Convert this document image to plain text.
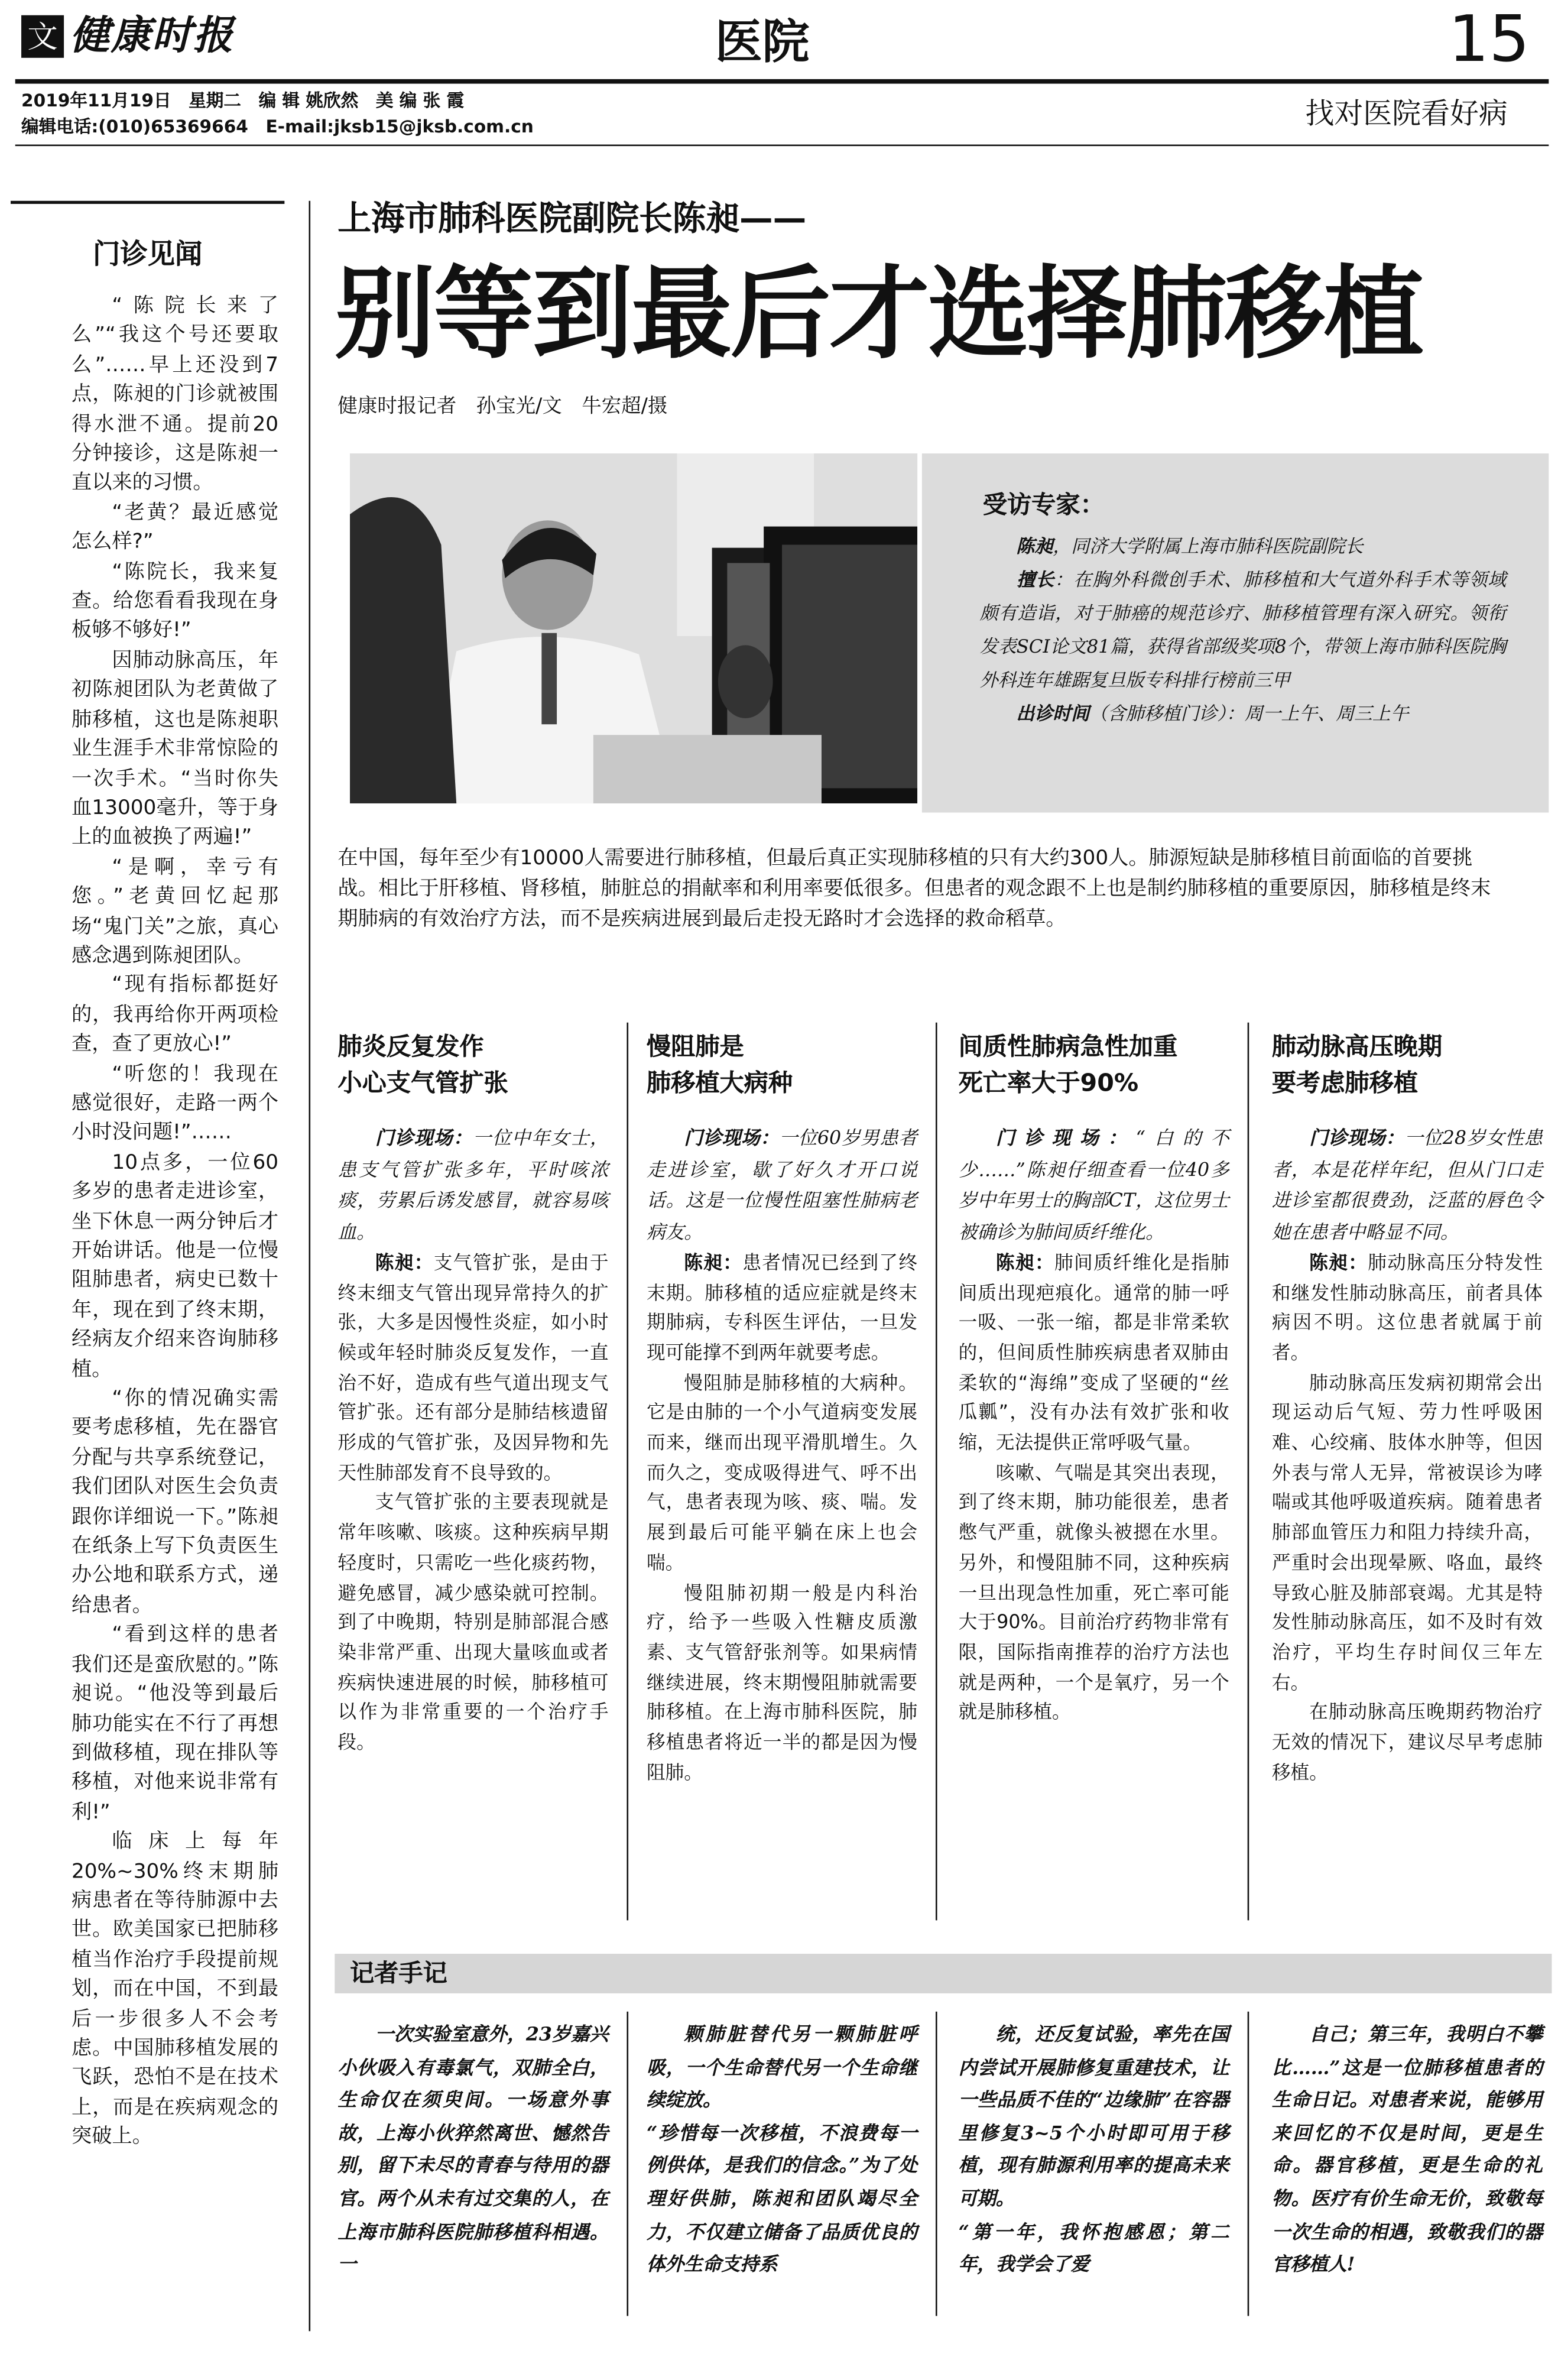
文 健康时报	医院	15
2019年11月19日　星期二　编 辑 姚欣然　美 编 张 霞
编辑电话:(010)65369664　E-mail:jksb15@jksb.com.cn	找对医院看好病
门诊见闻

“陈院长来了么”“我这个号还要取么”……早上还没到7点，陈昶的门诊就被围得水泄不通。提前20分钟接诊，这是陈昶一直以来的习惯。

“老黄？最近感觉怎么样?”

“陈院长，我来复查。给您看看我现在身板够不够好!”

因肺动脉高压，年初陈昶团队为老黄做了肺移植，这也是陈昶职业生涯手术非常惊险的一次手术。“当时你失血13000毫升，等于身上的血被换了两遍!”

“是啊，幸亏有您。”老黄回忆起那场“鬼门关”之旅，真心感念遇到陈昶团队。

“现有指标都挺好的，我再给你开两项检查，查了更放心!”

“听您的！我现在感觉很好，走路一两个小时没问题!”……

10点多，一位60多岁的患者走进诊室，坐下休息一两分钟后才开始讲话。他是一位慢阻肺患者，病史已数十年，现在到了终末期，经病友介绍来咨询肺移植。

“你的情况确实需要考虑移植，先在器官分配与共享系统登记，我们团队对医生会负责跟你详细说一下。”陈昶在纸条上写下负责医生办公地和联系方式，递给患者。

“看到这样的患者我们还是蛮欣慰的。”陈昶说。“他没等到最后肺功能实在不行了再想到做移植，现在排队等移植，对他来说非常有利!”

临床上每年20%~30%终末期肺病患者在等待肺源中去世。欧美国家已把肺移植当作治疗手段提前规划，而在中国，不到最后一步很多人不会考虑。中国肺移植发展的飞跃，恐怕不是在技术上，而是在疾病观念的突破上。

上海市肺科医院副院长陈昶——
别等到最后才选择肺移植
健康时报记者　孙宝光/文　牛宏超/摄
受访专家：
陈昶，同济大学附属上海市肺科医院副院长
擅长：在胸外科微创手术、肺移植和大气道外科手术等领域颇有造诣，对于肺癌的规范诊疗、肺移植管理有深入研究。领衔发表SCI论文81篇，获得省部级奖项8个，带领上海市肺科医院胸外科连年雄踞复旦版专科排行榜前三甲
出诊时间（含肺移植门诊）：周一上午、周三上午
在中国，每年至少有10000人需要进行肺移植，但最后真正实现肺移植的只有大约300人。肺源短缺是肺移植目前面临的首要挑战。相比于肝移植、肾移植，肺脏总的捐献率和利用率要低很多。但患者的观念跟不上也是制约肺移植的重要原因，肺移植是终末期肺病的有效治疗方法，而不是疾病进展到最后走投无路时才会选择的救命稻草。
肺炎反复发作
小心支气管扩张

门诊现场：一位中年女士，患支气管扩张多年，平时咳浓痰，劳累后诱发感冒，就容易咳血。

陈昶：支气管扩张，是由于终末细支气管出现异常持久的扩张，大多是因慢性炎症，如小时候或年轻时肺炎反复发作，一直治不好，造成有些气道出现支气管扩张。还有部分是肺结核遗留形成的气管扩张，及因异物和先天性肺部发育不良导致的。

支气管扩张的主要表现就是常年咳嗽、咳痰。这种疾病早期轻度时，只需吃一些化痰药物，避免感冒，减少感染就可控制。到了中晚期，特别是肺部混合感染非常严重、出现大量咳血或者疾病快速进展的时候，肺移植可以作为非常重要的一个治疗手段。

慢阻肺是
肺移植大病种

门诊现场：一位60岁男患者走进诊室，歇了好久才开口说话。这是一位慢性阻塞性肺病老病友。

陈昶：患者情况已经到了终末期。肺移植的适应症就是终末期肺病，专科医生评估，一旦发现可能撑不到两年就要考虑。

慢阻肺是肺移植的大病种。它是由肺的一个小气道病变发展而来，继而出现平滑肌增生。久而久之，变成吸得进气、呼不出气，患者表现为咳、痰、喘。发展到最后可能平躺在床上也会喘。

慢阻肺初期一般是内科治疗，给予一些吸入性糖皮质激素、支气管舒张剂等。如果病情继续进展，终末期慢阻肺就需要肺移植。在上海市肺科医院，肺移植患者将近一半的都是因为慢阻肺。

间质性肺病急性加重
死亡率大于90%

门诊现场：“白的不少……”陈昶仔细查看一位40多岁中年男士的胸部CT，这位男士被确诊为肺间质纤维化。

陈昶：肺间质纤维化是指肺间质出现疤痕化。通常的肺一呼一吸、一张一缩，都是非常柔软的，但间质性肺疾病患者双肺由柔软的“海绵”变成了坚硬的“丝瓜瓤”，没有办法有效扩张和收缩，无法提供正常呼吸气量。

咳嗽、气喘是其突出表现，到了终末期，肺功能很差，患者憋气严重，就像头被摁在水里。另外，和慢阻肺不同，这种疾病一旦出现急性加重，死亡率可能大于90%。目前治疗药物非常有限，国际指南推荐的治疗方法也就是两种，一个是氧疗，另一个就是肺移植。

肺动脉高压晚期
要考虑肺移植

门诊现场：一位28岁女性患者，本是花样年纪，但从门口走进诊室都很费劲，泛蓝的唇色令她在患者中略显不同。

陈昶：肺动脉高压分特发性和继发性肺动脉高压，前者具体病因不明。这位患者就属于前者。

肺动脉高压发病初期常会出现运动后气短、劳力性呼吸困难、心绞痛、肢体水肿等，但因外表与常人无异，常被误诊为哮喘或其他呼吸道疾病。随着患者肺部血管压力和阻力持续升高，严重时会出现晕厥、咯血，最终导致心脏及肺部衰竭。尤其是特发性肺动脉高压，如不及时有效治疗，平均生存时间仅三年左右。

在肺动脉高压晚期药物治疗无效的情况下，建议尽早考虑肺移植。

记者手记
一次实验室意外，23岁嘉兴小伙吸入有毒氯气，双肺全白，生命仅在须臾间。一场意外事故，上海小伙猝然离世、憾然告别，留下未尽的青春与待用的器官。两个从未有过交集的人，在上海市肺科医院肺移植科相遇。一
颗肺脏替代另一颗肺脏呼吸，一个生命替代另一个生命继续绽放。
“珍惜每一次移植，不浪费每一例供体，是我们的信念。”为了处理好供肺，陈昶和团队竭尽全力，不仅建立储备了品质优良的体外生命支持系
统，还反复试验，率先在国内尝试开展肺修复重建技术，让一些品质不佳的“边缘肺”在容器里修复3~5个小时即可用于移植，现有肺源利用率的提高未来可期。
“第一年，我怀抱感恩；第二年，我学会了爱
自己；第三年，我明白不攀比……”这是一位肺移植患者的生命日记。对患者来说，能够用来回忆的不仅是时间，更是生命。器官移植，更是生命的礼物。医疗有价生命无价，致敬每一次生命的相遇，致敬我们的器官移植人!
